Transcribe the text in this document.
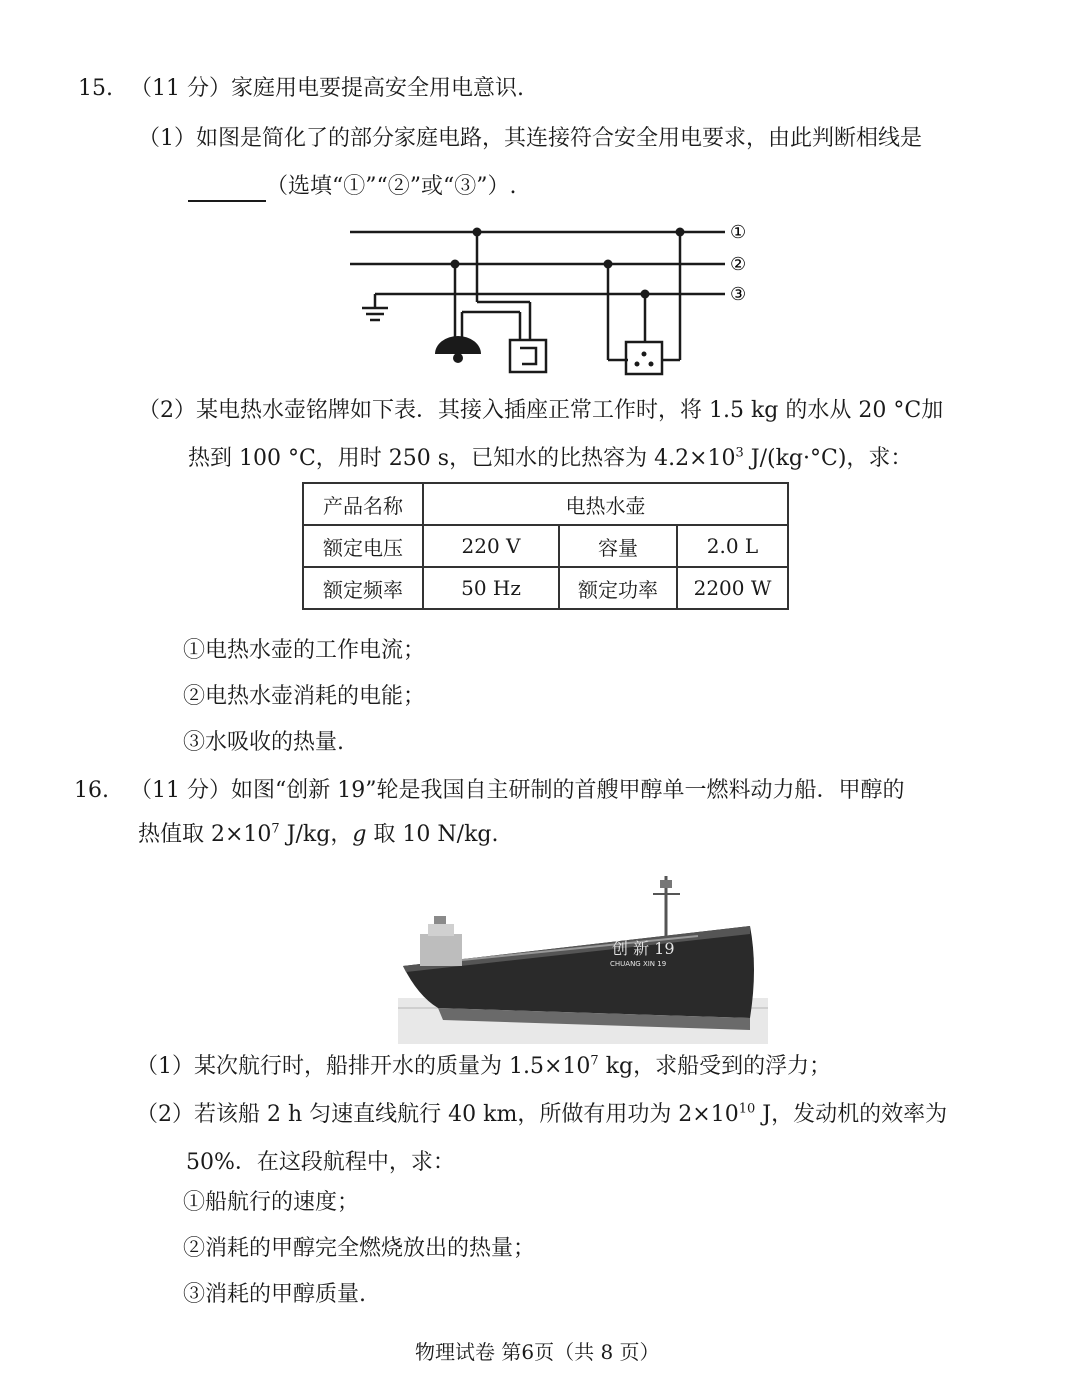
15. （11 分）家庭用电要提高安全用电意识.
（1）如图是简化了的部分家庭电路，其连接符合安全用电要求，由此判断相线是
（选填“①”“②”或“③”）.
①
②
③
（2）某电热水壶铭牌如下表．其接入插座正常工作时，将 1.5 kg 的水从 20 °C加
热到 100 °C，用时 250 s，已知水的比热容为 $4.2\times 10^3$ J/(kg·°C)，求：
产品名称	电热水壶		
额定电压	220 V	容量	2.0 L
额定频率	50 Hz	额定功率	2200 W
①电热水壶的工作电流；
②电热水壶消耗的电能；
③水吸收的热量.
16. （11 分）如图“创新 19”轮是我国自主研制的首艘甲醇单一燃料动力船．甲醇的
热值取 $2\times 10^7$ J/kg，g 取 10 N/kg.
创 新 19
CHUANG XIN 19
（1）某次航行时，船排开水的质量为 $1.5\times 10^7$ kg，求船受到的浮力；
（2）若该船 2 h 匀速直线航行 40 km，所做有用功为 $2\times 10^{10}$ J，发动机的效率为
50%．在这段航程中，求：
①船航行的速度；
②消耗的甲醇完全燃烧放出的热量；
③消耗的甲醇质量.
物理试卷 第6页（共 8 页）
